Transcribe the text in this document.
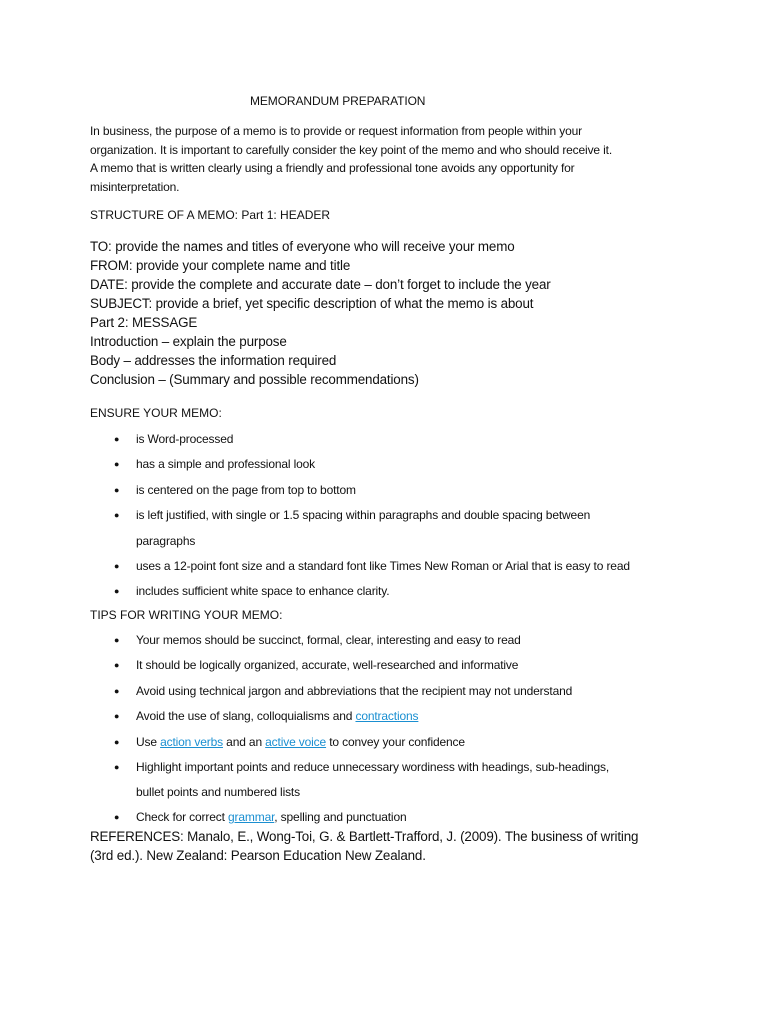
MEMORANDUM PREPARATION

In business, the purpose of a memo is to provide or request information from people within your

organization. It is important to carefully consider the key point of the memo and who should receive it.

A memo that is written clearly using a friendly and professional tone avoids any opportunity for

misinterpretation.

STRUCTURE OF A MEMO: Part 1: HEADER
TO: provide the names and titles of everyone who will receive your memo
FROM: provide your complete name and title
DATE: provide the complete and accurate date – don’t forget to include the year
SUBJECT: provide a brief, yet specific description of what the memo is about
Part 2: MESSAGE
Introduction – explain the purpose
Body – addresses the information required
Conclusion – (Summary and possible recommendations)
ENSURE YOUR MEMO:
● is Word-processed
● has a simple and professional look
● is centered on the page from top to bottom
● is left justified, with single or 1.5 spacing within paragraphs and double spacing between
paragraphs
● uses a 12-point font size and a standard font like Times New Roman or Arial that is easy to read
● includes sufficient white space to enhance clarity.
TIPS FOR WRITING YOUR MEMO:
● Your memos should be succinct, formal, clear, interesting and easy to read
● It should be logically organized, accurate, well-researched and informative
● Avoid using technical jargon and abbreviations that the recipient may not understand
● Avoid the use of slang, colloquialisms and contractions
● Use action verbs and an active voice to convey your confidence
● Highlight important points and reduce unnecessary wordiness with headings, sub-headings,
bullet points and numbered lists
● Check for correct grammar, spelling and punctuation
REFERENCES: Manalo, E., Wong-Toi, G. & Bartlett-Trafford, J. (2009). The business of writing
(3rd ed.). New Zealand: Pearson Education New Zealand.
